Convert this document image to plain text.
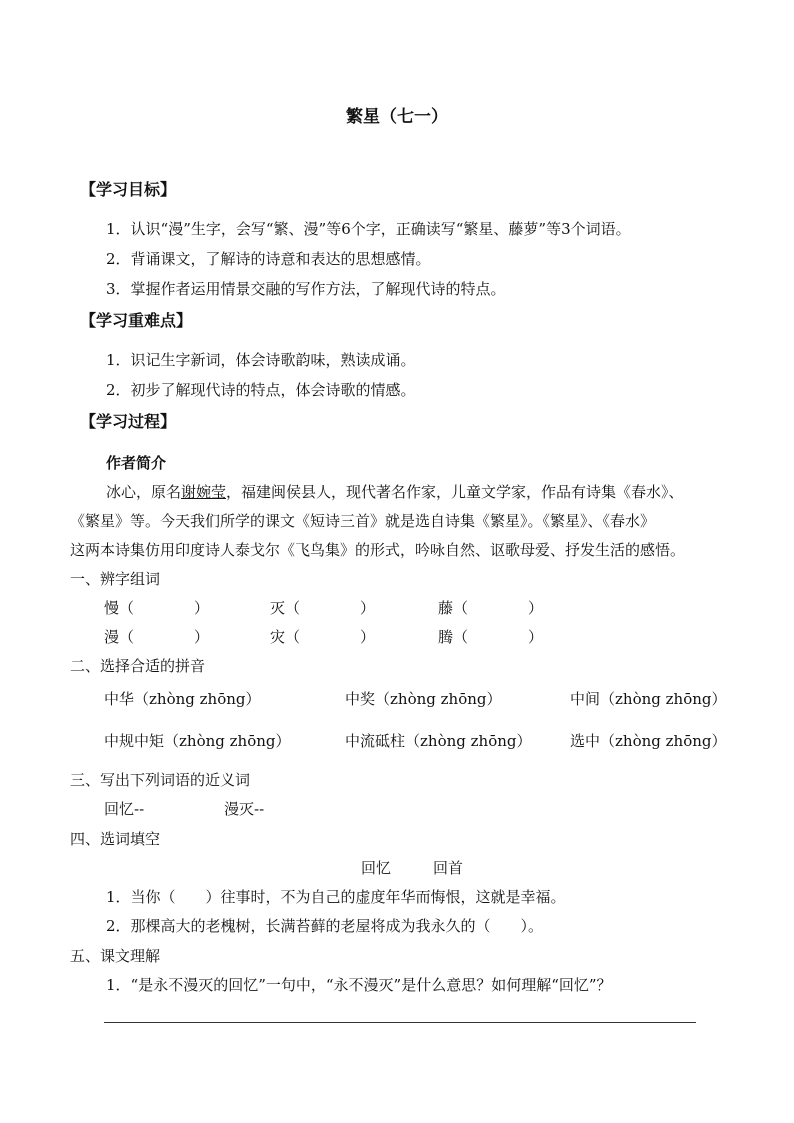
繁星（七一）
【学习目标】
1．认识“漫”生字，会写“繁、漫”等6个字，正确读写“繁星、藤萝”等3个词语。
2．背诵课文，了解诗的诗意和表达的思想感情。
3．掌握作者运用情景交融的写作方法，了解现代诗的特点。
【学习重难点】
1．识记生字新词，体会诗歌韵味，熟读成诵。
2．初步了解现代诗的特点，体会诗歌的情感。
【学习过程】
作者简介
冰心，原名谢婉莹，福建闽侯县人，现代著名作家，儿童文学家，作品有诗集《春水》、
《繁星》等。今天我们所学的课文《短诗三首》就是选自诗集《繁星》。《繁星》、《春水》
这两本诗集仿用印度诗人泰戈尔《飞鸟集》的形式，吟咏自然、讴歌母爱、抒发生活的感悟。
一、辨字组词
慢（　　　　）	灭（　　　　）	藤（　　　　）
漫（　　　　）	灾（　　　　）	腾（　　　　）
二、选择合适的拼音
中华（zhòng zhōng）	中奖（zhòng zhōng）	中间（zhòng zhōng）
中规中矩（zhòng zhōng）	中流砥柱（zhòng zhōng）	选中（zhòng zhōng）
三、写出下列词语的近义词
回忆--	漫灭--
四、选词填空
回忆	回首
1．当你（　　）往事时，不为自己的虚度年华而悔恨，这就是幸福。
2．那棵高大的老槐树，长满苔藓的老屋将成为我永久的（　　）。
五、课文理解
1．“是永不漫灭的回忆”一句中，“永不漫灭”是什么意思？如何理解“回忆”？
